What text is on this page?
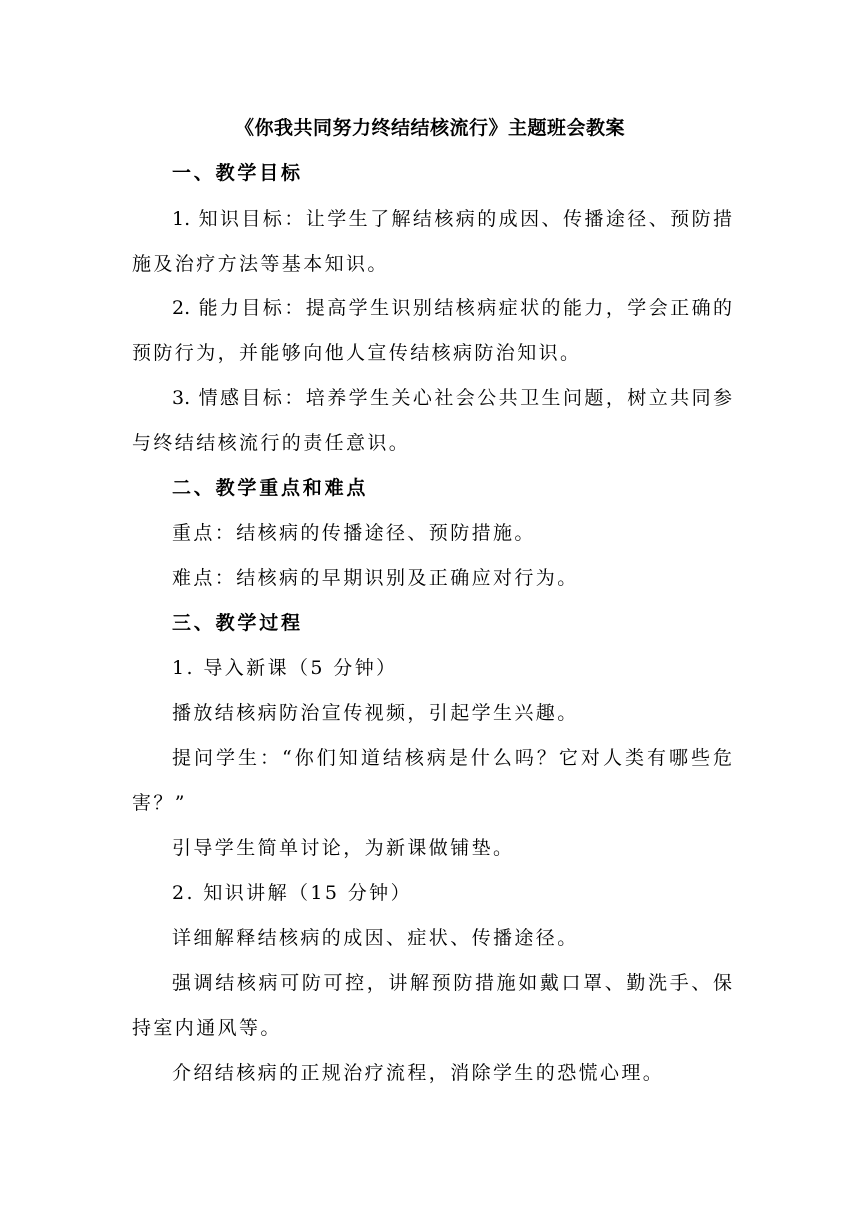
《你我共同努力终结结核流行》主题班会教案
一、教学目标
1. 知识目标：让学生了解结核病的成因、传播途径、预防措
施及治疗方法等基本知识。
2. 能力目标：提高学生识别结核病症状的能力，学会正确的
预防行为，并能够向他人宣传结核病防治知识。
3. 情感目标：培养学生关心社会公共卫生问题，树立共同参
与终结结核流行的责任意识。
二、教学重点和难点
重点：结核病的传播途径、预防措施。
难点：结核病的早期识别及正确应对行为。
三、教学过程
1. 导入新课（5 分钟）
播放结核病防治宣传视频，引起学生兴趣。
提问学生：“你们知道结核病是什么吗？它对人类有哪些危
害？”
引导学生简单讨论，为新课做铺垫。
2. 知识讲解（15 分钟）
详细解释结核病的成因、症状、传播途径。
强调结核病可防可控，讲解预防措施如戴口罩、勤洗手、保
持室内通风等。
介绍结核病的正规治疗流程，消除学生的恐慌心理。
